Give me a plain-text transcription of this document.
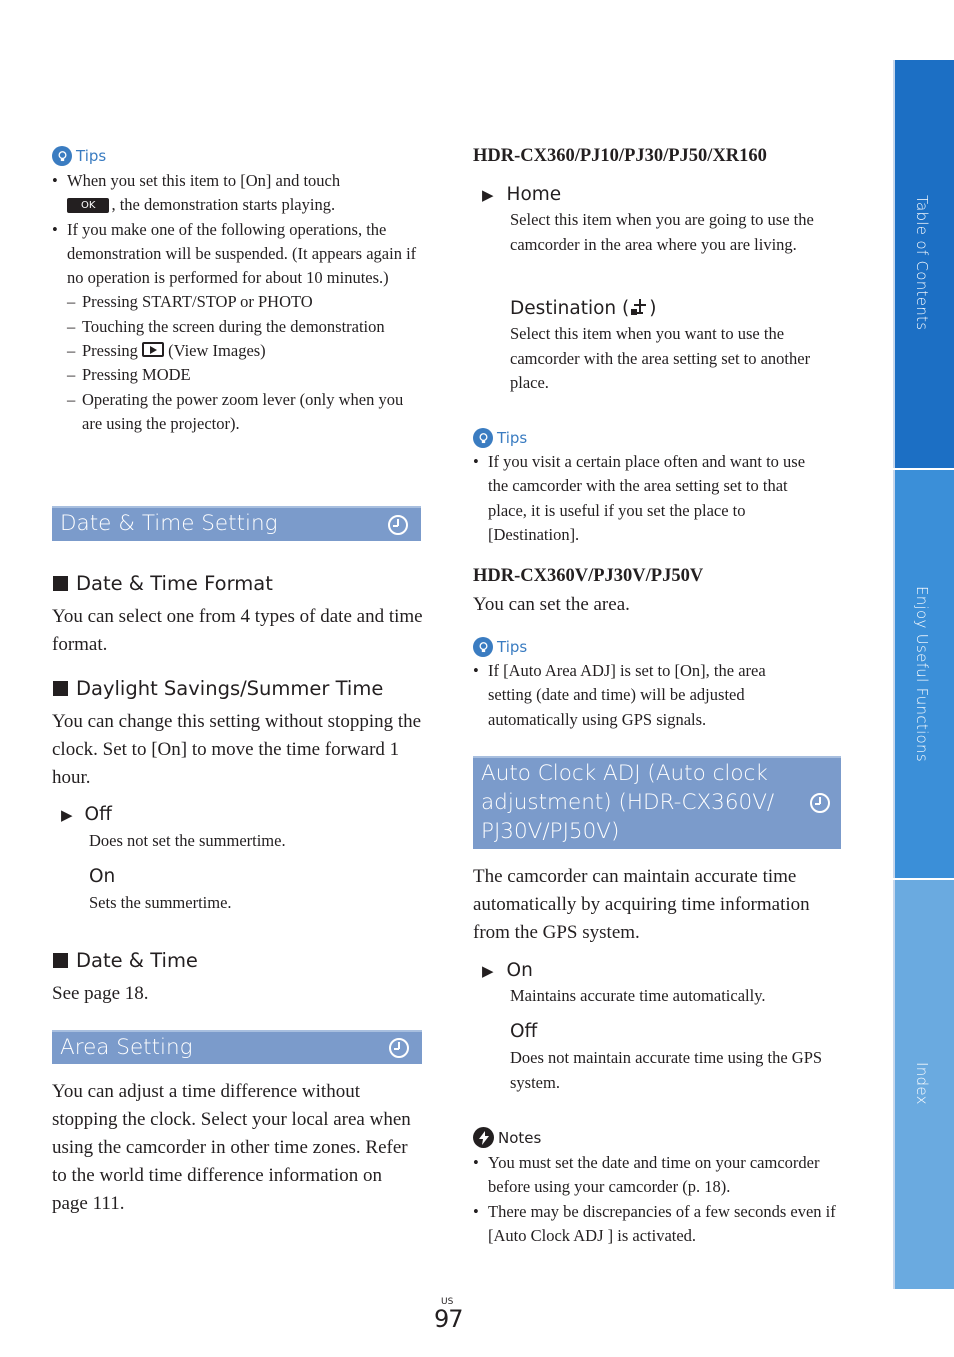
Tips
• When you set this item to [On] and touch
OK , the demonstration starts playing.
• If you make one of the following operations, the demonstration will be suspended. (It appears again if no operation is performed for about 10 minutes.)
– Pressing START/STOP or PHOTO
– Touching the screen during the demonstration
– Pressing (View Images)
– Pressing MODE
– Operating the power zoom lever (only when you are using the projector).
Date & Time Setting
Date & Time Format
You can select one from 4 types of date and time format.
Daylight Savings/Summer Time
You can change this setting without stopping the clock. Set to [On] to move the time forward 1 hour.
▶ Off
Does not set the summertime.
On
Sets the summertime.
Date & Time
See page 18.
Area Setting
You can adjust a time difference without stopping the clock. Select your local area when using the camcorder in other time zones. Refer to the world time difference information on page 111.
HDR-CX360/PJ10/PJ30/PJ50/XR160
▶ Home
Select this item when you are going to use the camcorder in the area where you are living.
Destination ( )
Select this item when you want to use the camcorder with the area setting set to another place.
Tips
• If you visit a certain place often and want to use the camcorder with the area setting set to that place, it is useful if you set the place to [Destination].
HDR-CX360V/PJ30V/PJ50V
You can set the area.
Tips
• If [Auto Area ADJ] is set to [On], the area setting (date and time) will be adjusted automatically using GPS signals.
Auto Clock ADJ (Auto clock
adjustment) (HDR-CX360V/
PJ30V/PJ50V)
The camcorder can maintain accurate time automatically by acquiring time information from the GPS system.
▶ On
Maintains accurate time automatically.
Off
Does not maintain accurate time using the GPS system.
Notes
• You must set the date and time on your camcorder before using your camcorder (p. 18).
• There may be discrepancies of a few seconds even if [Auto Clock ADJ ] is activated.
US
97
Table of Contents
Enjoy Useful Functions
Index
